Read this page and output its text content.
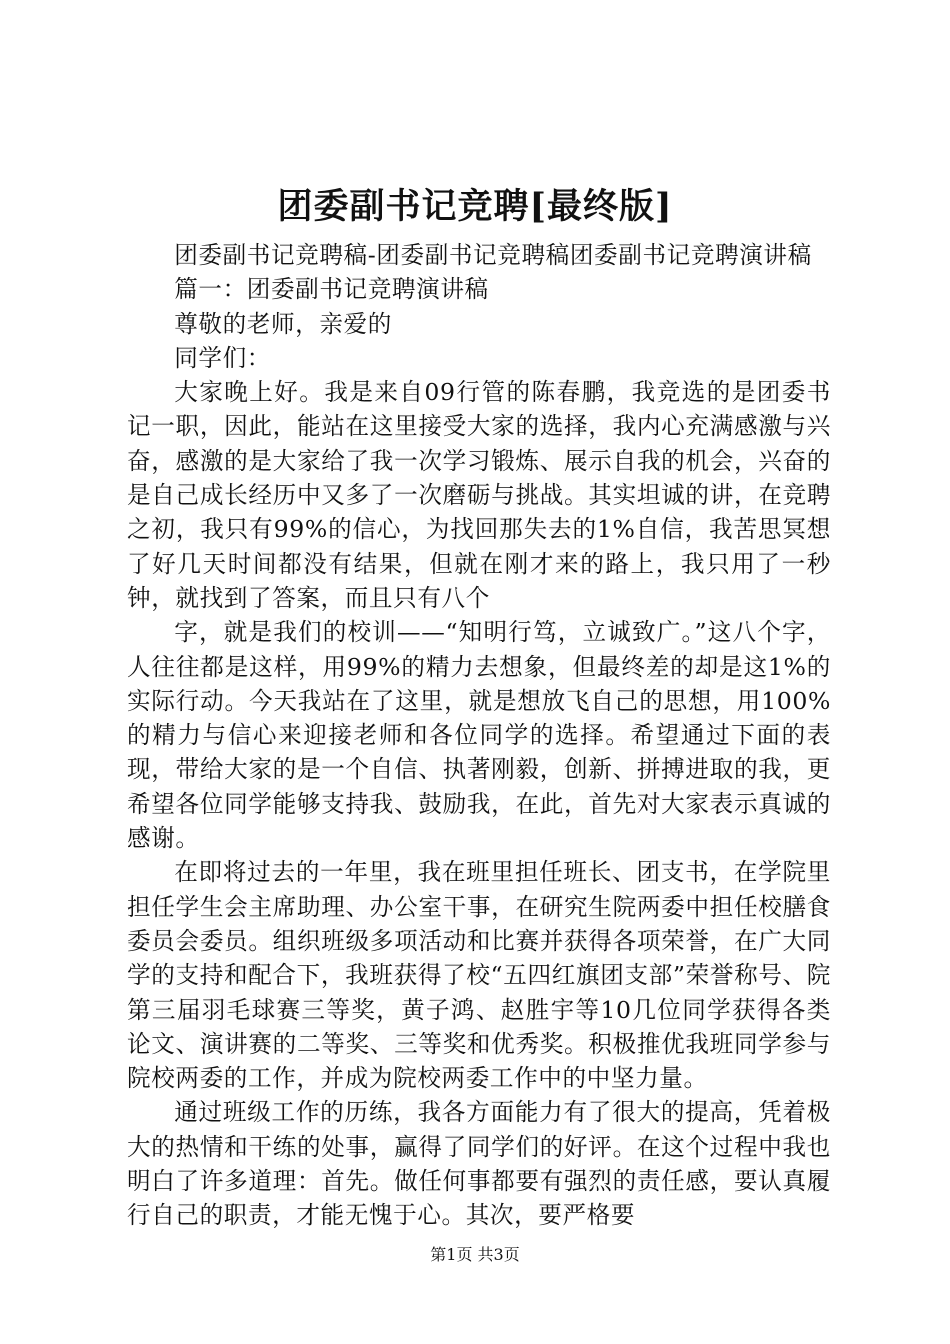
团委副书记竞聘[最终版]

团委副书记竞聘稿-团委副书记竞聘稿团委副书记竞聘演讲稿

篇一：团委副书记竞聘演讲稿

尊敬的老师，亲爱的

同学们：

大家晚上好。我是来自09行管的陈春鹏，我竞选的是团委书记一职，因此，能站在这里接受大家的选择，我内心充满感激与兴奋，感激的是大家给了我一次学习锻炼、展示自我的机会，兴奋的是自己成长经历中又多了一次磨砺与挑战。其实坦诚的讲，在竞聘之初，我只有99%的信心，为找回那失去的1%自信，我苦思冥想了好几天时间都没有结果，但就在刚才来的路上，我只用了一秒钟，就找到了答案，而且只有八个

字，就是我们的校训——“知明行笃，立诚致广。”这八个字，人往往都是这样，用99%的精力去想象，但最终差的却是这1%的实际行动。今天我站在了这里，就是想放飞自己的思想，用100%的精力与信心来迎接老师和各位同学的选择。希望通过下面的表现，带给大家的是一个自信、执著刚毅，创新、拼搏进取的我，更希望各位同学能够支持我、鼓励我，在此，首先对大家表示真诚的感谢。

在即将过去的一年里，我在班里担任班长、团支书，在学院里担任学生会主席助理、办公室干事，在研究生院两委中担任校膳食委员会委员。组织班级多项活动和比赛并获得各项荣誉，在广大同学的支持和配合下，我班获得了校“五四红旗团支部”荣誉称号、院第三届羽毛球赛三等奖，黄子鸿、赵胜宇等10几位同学获得各类论文、演讲赛的二等奖、三等奖和优秀奖。积极推优我班同学参与院校两委的工作，并成为院校两委工作中的中坚力量。

通过班级工作的历练，我各方面能力有了很大的提高，凭着极大的热情和干练的处事，赢得了同学们的好评。在这个过程中我也明白了许多道理：首先。做任何事都要有强烈的责任感，要认真履行自己的职责，才能无愧于心。其次，要严格要

第1页 共3页
